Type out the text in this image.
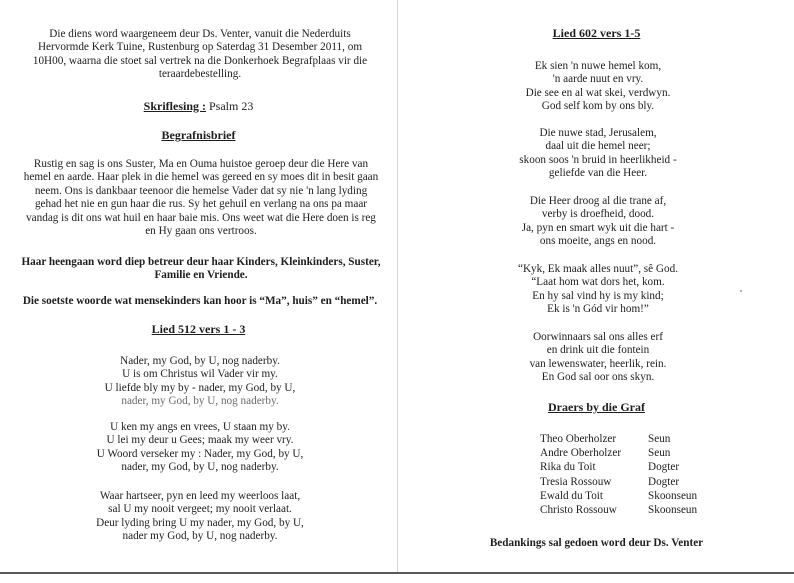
Die diens word waargeneem deur Ds. Venter, vanuit die Nederduits
Hervormde Kerk Tuine, Rustenburg op Saterdag 31 Desember 2011, om
10H00, waarna die stoet sal vertrek na die Donkerhoek Begrafplaas vir die
teraardebestelling.
Skriflesing : Psalm 23
Begrafnisbrief
Rustig en sag is ons Suster, Ma en Ouma huistoe geroep deur die Here van
hemel en aarde. Haar plek in die hemel was gereed en sy moes dit in besit gaan
neem. Ons is dankbaar teenoor die hemelse Vader dat sy nie 'n lang lyding
gehad het nie en gun haar die rus. Sy het gehuil en verlang na ons pa maar
vandag is dit ons wat huil en haar baie mis. Ons weet wat die Here doen is reg
en Hy gaan ons vertroos.
Haar heengaan word diep betreur deur haar Kinders, Kleinkinders, Suster,
Familie en Vriende.
Die soetste woorde wat mensekinders kan hoor is “Ma”, huis” en “hemel”.
Lied 512 vers 1 - 3
Nader, my God, by U, nog naderby.
U is om Christus wil Vader vir my.
U liefde bly my by - nader, my God, by U,
nader, my God, by U, nog naderby.
U ken my angs en vrees, U staan my by.
U lei my deur u Gees; maak my weer vry.
U Woord verseker my : Nader, my God, by U,
nader, my God, by U, nog naderby.
Waar hartseer, pyn en leed my weerloos laat,
sal U my nooit vergeet; my nooit verlaat.
Deur lyding bring U my nader, my God, by U,
nader my God, by U, nog naderby.
Lied 602 vers 1-5
Ek sien 'n nuwe hemel kom,
'n aarde nuut en vry.
Die see en al wat skei, verdwyn.
God self kom by ons bly.
Die nuwe stad, Jerusalem,
daal uit die hemel neer;
skoon soos 'n bruid in heerlikheid -
geliefde van die Heer.
Die Heer droog al die trane af,
verby is droefheid, dood.
Ja, pyn en smart wyk uit die hart -
ons moeite, angs en nood.
“Kyk, Ek maak alles nuut”, sê God.
“Laat hom wat dors het, kom.
En hy sal vind hy is my kind;
Ek is 'n Gód vir hom!”
Oorwinnaars sal ons alles erf
en drink uit die fontein
van lewenswater, heerlik, rein.
En God sal oor ons skyn.
Draers by die Graf
Theo Oberholzer	Seun
Andre Oberholzer	Seun
Rika du Toit	Dogter
Tresia Rossouw	Dogter
Ewald du Toit	Skoonseun
Christo Rossouw	Skoonseun
Bedankings sal gedoen word deur Ds. Venter
